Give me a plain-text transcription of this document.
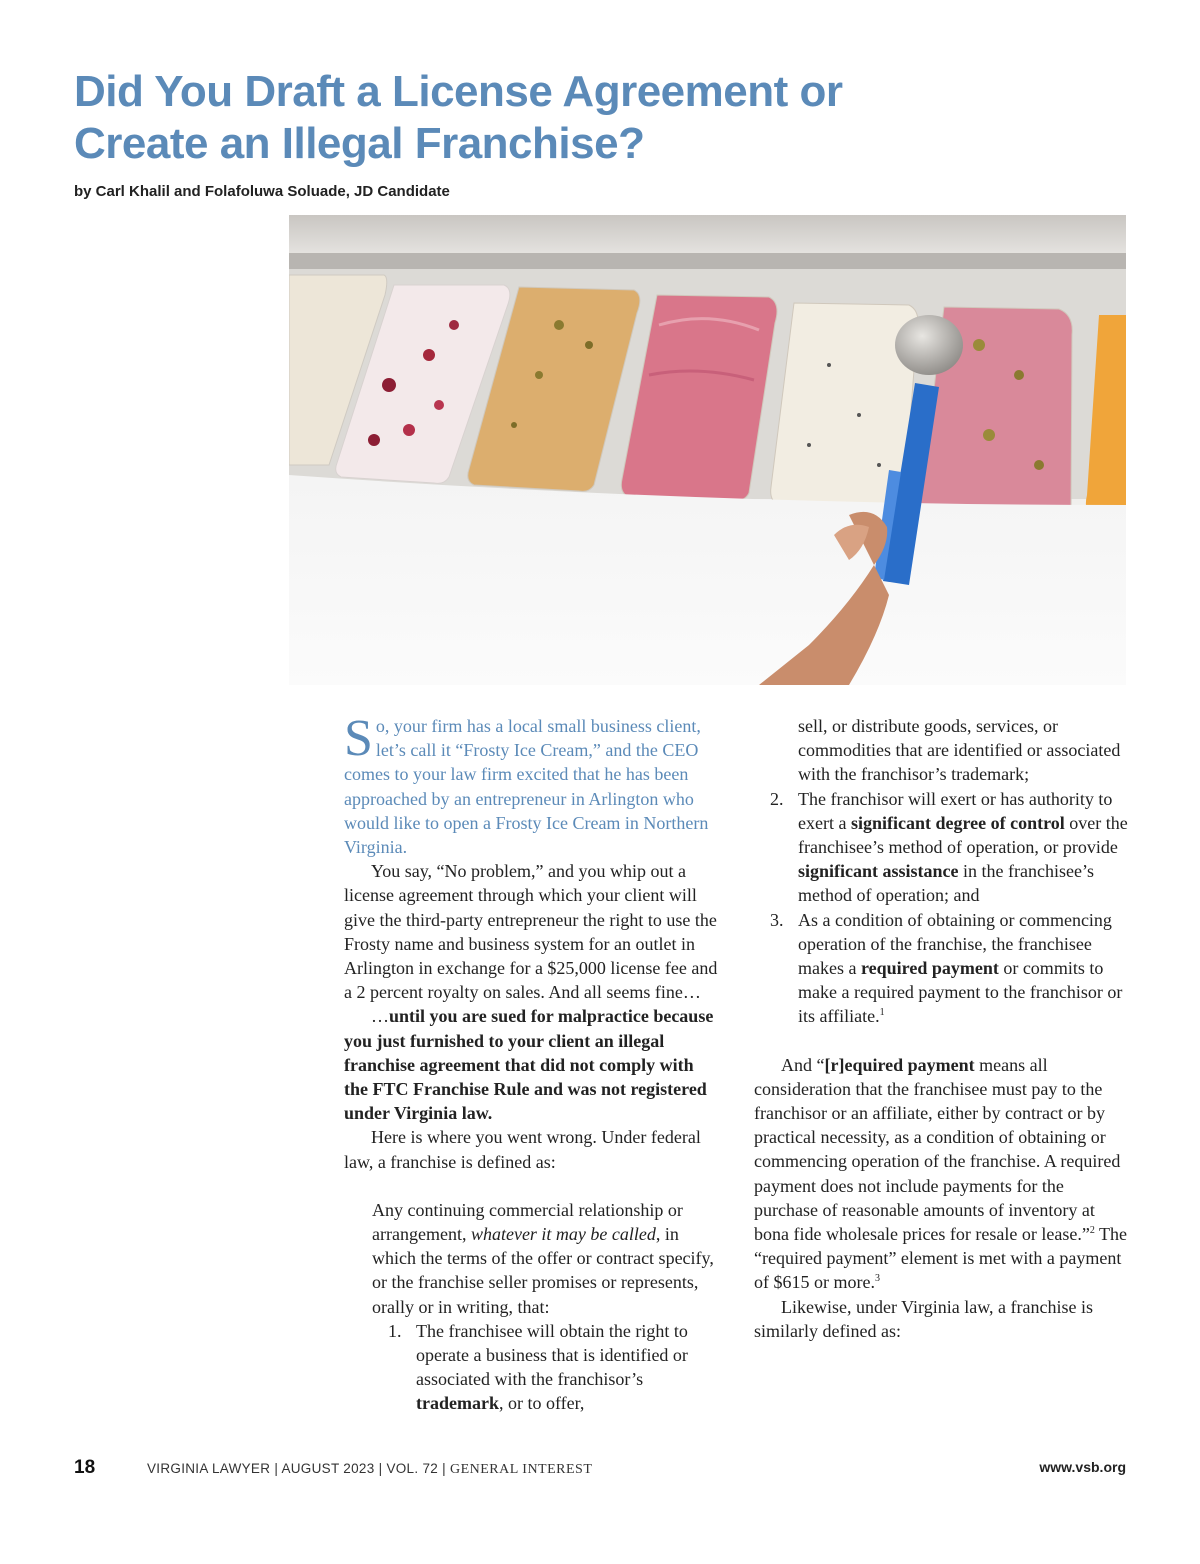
Did You Draft a License Agreement or
Create an Illegal Franchise?

by Carl Khalil and Folafoluwa Soluade, JD Candidate

So, your firm has a local small business client, let’s call it “Frosty Ice Cream,” and the CEO comes to your law firm excited that he has been approached by an entrepreneur in Arlington who would like to open a Frosty Ice Cream in Northern Virginia.

You say, “No problem,” and you whip out a license agreement through which your client will give the third-party entrepreneur the right to use the Frosty name and business system for an outlet in Arlington in exchange for a $25,000 license fee and a 2 percent royalty on sales. And all seems fine…

…until you are sued for malpractice because you just furnished to your client an illegal franchise agreement that did not comply with the FTC Franchise Rule and was not registered under Virginia law.

Here is where you went wrong. Under federal law, a franchise is defined as:

Any continuing commercial relationship or arrangement, whatever it may be called, in which the terms of the offer or contract specify, or the franchise seller promises or represents, orally or in writing, that:

1. The franchisee will obtain the right to operate a business that is identified or associated with the franchisor’s trademark, or to offer,
sell, or distribute goods, services, or commodities that are identified or associated with the franchisor’s trademark;
2. The franchisor will exert or has authority to exert a significant degree of control over the franchisee’s method of operation, or provide significant assistance in the franchisee’s method of operation; and
3. As a condition of obtaining or commencing operation of the franchise, the franchisee makes a required payment or commits to make a required payment to the franchisor or its affiliate.$^1$

And “[r]equired payment means all consideration that the franchisee must pay to the franchisor or an affiliate, either by contract or by practical necessity, as a condition of obtaining or commencing operation of the franchise. A required payment does not include payments for the purchase of reasonable amounts of inventory at bona fide wholesale prices for resale or lease.”$^2$ The “required payment” element is met with a payment of $615 or more.$^3$

Likewise, under Virginia law, a franchise is similarly defined as:

18	VIRGINIA LAWYER | AUGUST 2023 | VOL. 72 | GENERAL INTEREST	www.vsb.org
